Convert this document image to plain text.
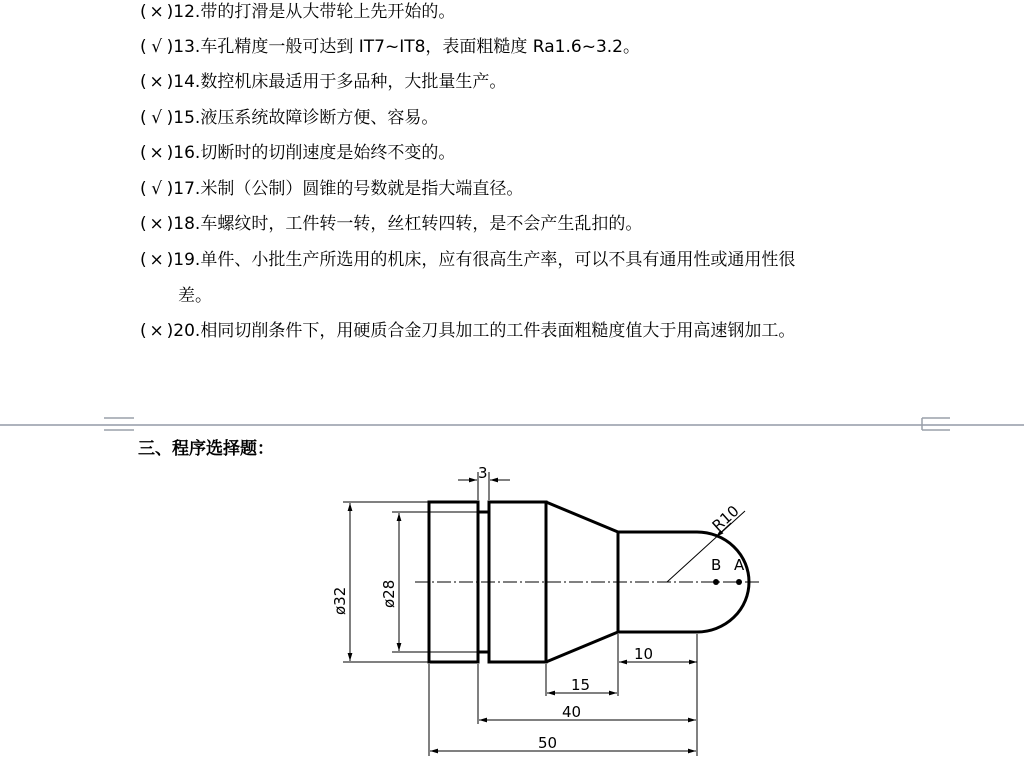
( × )12.带的打滑是从大带轮上先开始的。
( √ )13.车孔精度一般可达到 IT7~IT8，表面粗糙度 Ra1.6~3.2。
( × )14.数控机床最适用于多品种，大批量生产。
( √ )15.液压系统故障诊断方便、容易。
( × )16.切断时的切削速度是始终不变的。
( √ )17.米制（公制）圆锥的号数就是指大端直径。
( × )18.车螺纹时，工件转一转，丝杠转四转，是不会产生乱扣的。
( × )19.单件、小批生产所选用的机床，应有很高生产率，可以不具有通用性或通用性很
差。
( × )20.相同切削条件下，用硬质合金刀具加工的工件表面粗糙度值大于用高速钢加工。
三、程序选择题：
3
R10
B A
ø32 ø28
10
15
40
50
